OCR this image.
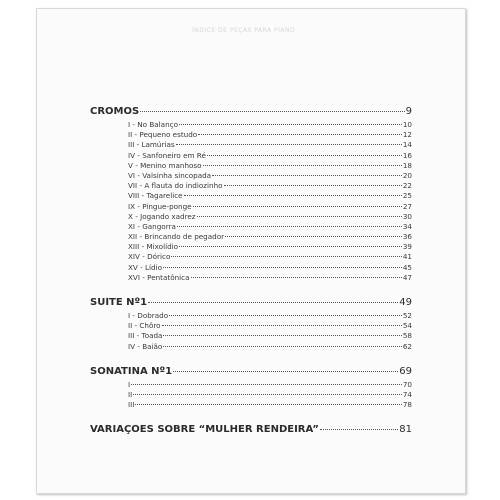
ÍNDICE DE PEÇAS PARA PIANO
CROMOS	9
I - No Balanço	10
II - Pequeno estudo	12
III - Lamúrias	14
IV - Sanfoneiro em Ré	16
V - Menino manhoso	18
VI - Valsinha sincopada	20
VII - A flauta do indiozinho	22
VIII - Tagarelice	25
IX - Pingue-ponge	27
X - Jogando xadrez	30
XI - Gangorra	34
XII - Brincando de pegador	36
XIII - Mixolídio	39
XIV - Dórico	41
XV - Lídio	45
XVI - Pentatônica	47
SUÍTE Nº1	49
I - Dobrado	52
II - Chôro	54
III - Toada	58
IV - Baião	62
SONATINA Nº1	69
I	70
II	74
III	78
VARIAÇÕES SOBRE “MULHER RENDEIRA”	81
